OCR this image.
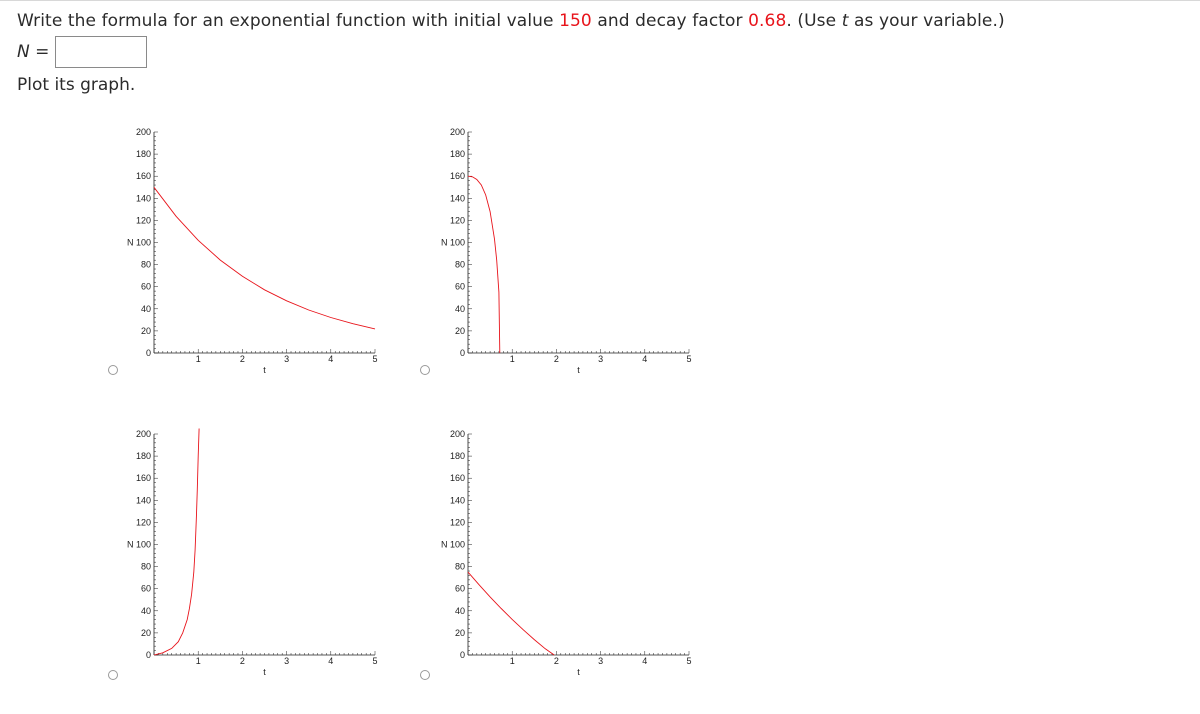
Write the formula for an exponential function with initial value 150 and decay factor 0.68. (Use t as your variable.)
N =
Plot its graph.
0
20
40
60
80
N 100
120
140
160
180
200
1	2	3	4	5
t
0
20
40
60
80
N 100
120
140
160
180
200
1	2	3	4	5
t
0
20
40
60
80
N 100
120
140
160
180
200
1	2	3	4	5
t
0
20
40
60
80
N 100
120
140
160
180
200
1	2	3	4	5
t
